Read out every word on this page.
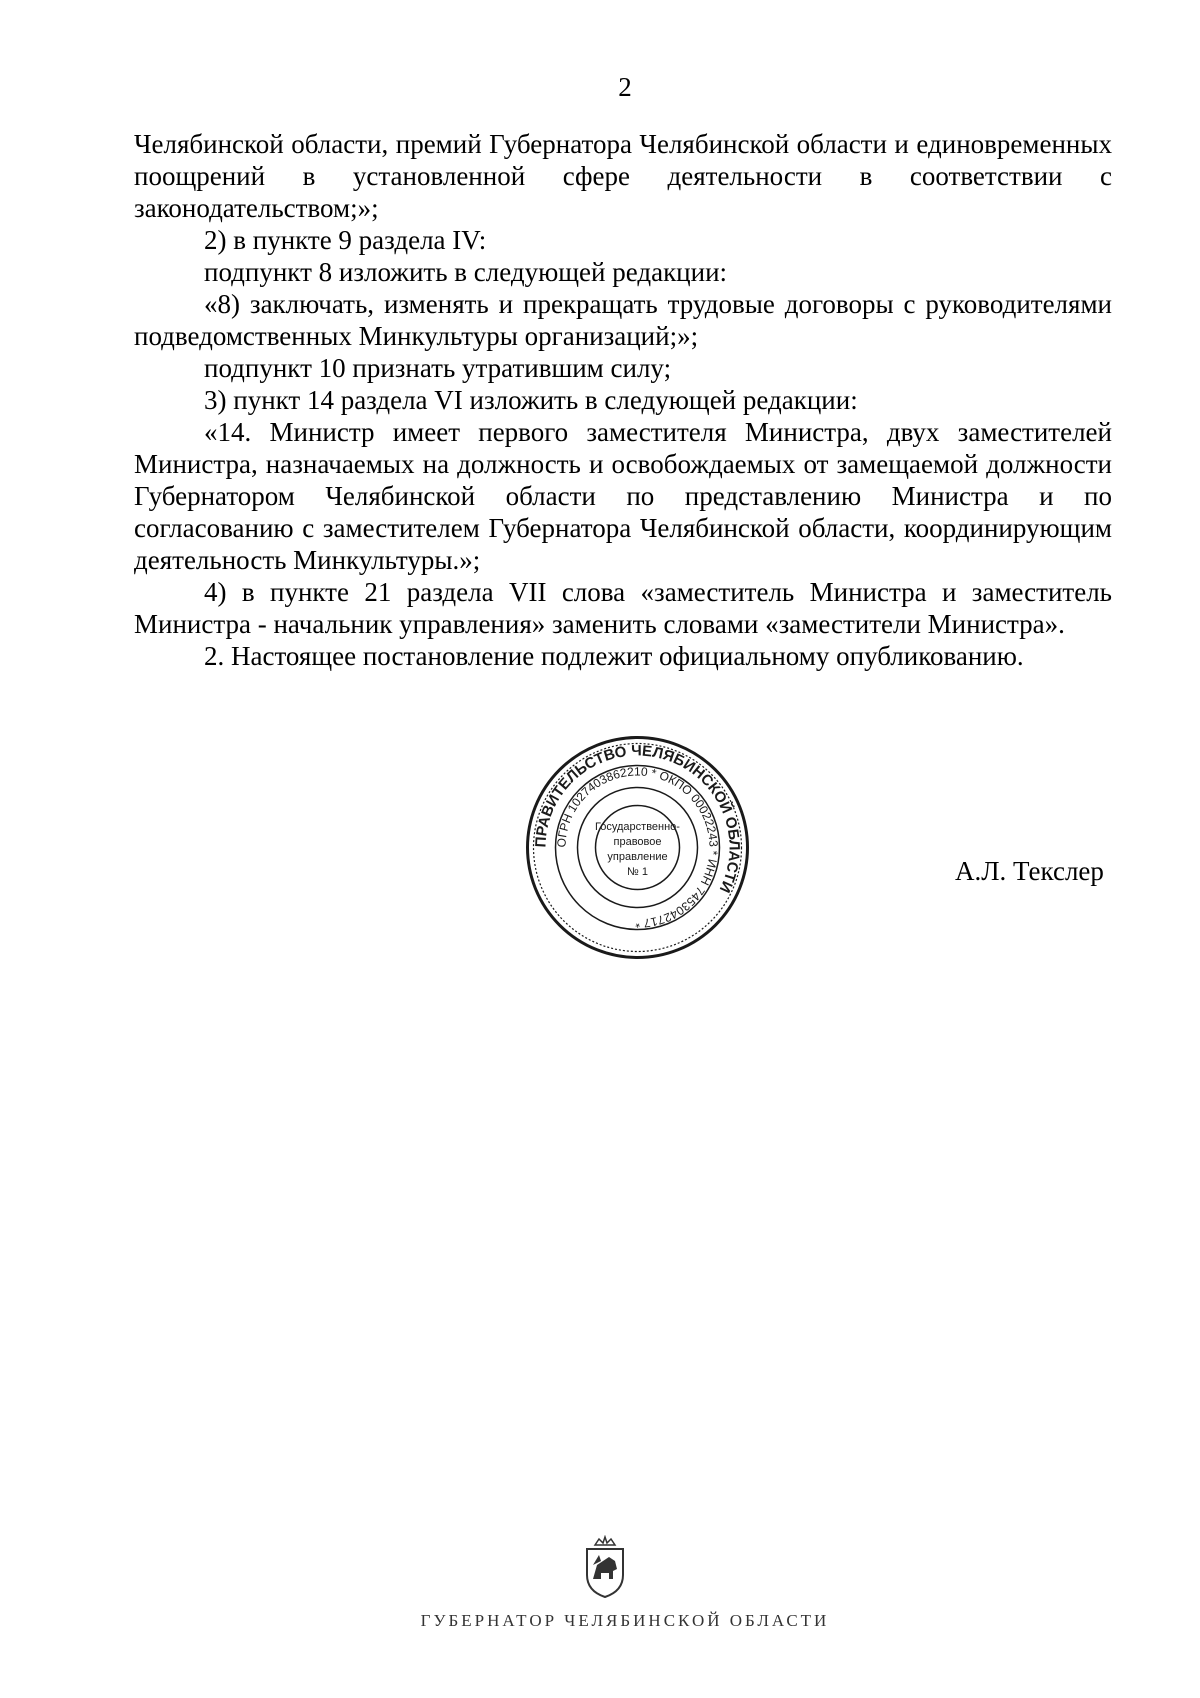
2

Челябинской области, премий Губернатора Челябинской области и единовременных поощрений в установленной сфере деятельности в соответствии с законодательством;»;

2) в пункте 9 раздела IV:

подпункт 8 изложить в следующей редакции:

«8) заключать, изменять и прекращать трудовые договоры с руководителями подведомственных Минкультуры организаций;»;

подпункт 10 признать утратившим силу;

3) пункт 14 раздела VI изложить в следующей редакции:

«14. Министр имеет первого заместителя Министра, двух заместителей Министра, назначаемых на должность и освобождаемых от замещаемой должности Губернатором Челябинской области по представлению Министра и по согласованию с заместителем Губернатора Челябинской области, координирующим деятельность Минкультуры.»;

4) в пункте 21 раздела VII слова «заместитель Министра и заместитель Министра - начальник управления» заменить словами «заместители Министра».

2. Настоящее постановление подлежит официальному опубликованию.

ПРАВИТЕЛЬСТВО ЧЕЛЯБИНСКОЙ ОБЛАСТИ
ОГРН 1027403862210 * ОКПО 00022243 * ИНН 7453042717 *
Государственно-
правовое
управление
№ 1	А.Л. Текслер
ГУБЕРНАТОР ЧЕЛЯБИНСКОЙ ОБЛАСТИ
